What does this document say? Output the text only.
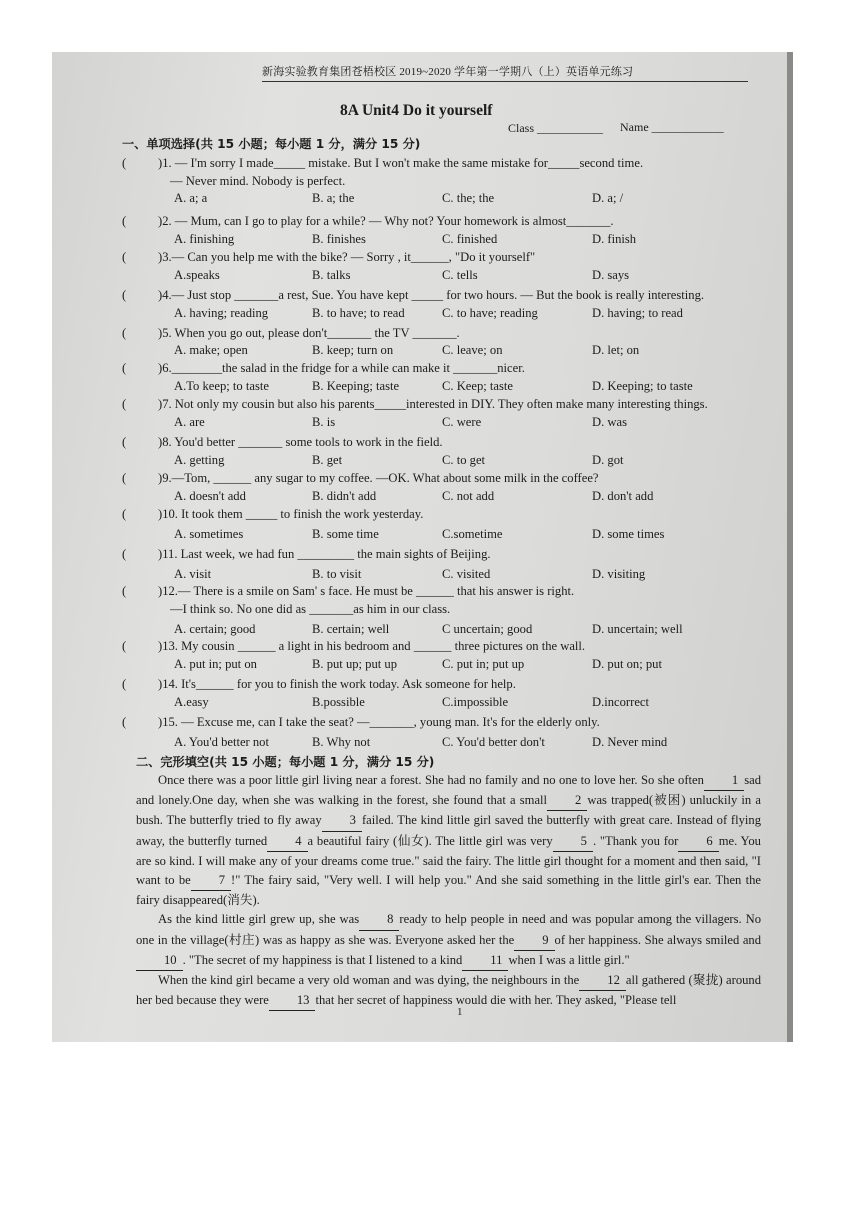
新海实验教育集团苍梧校区 2019~2020 学年第一学期八（上）英语单元练习
8A Unit4 Do it yourself
Class ___________ Name ____________
一、单项选择(共 15 小题；每小题 1 分，满分 15 分)
(	)1. — I'm sorry I made_____ mistake. But I won't make the same mistake for_____second time.
— Never mind. Nobody is perfect.
A. a; a	B. a; the	C. the; the	D. a; /
(	)2. — Mum, can I go to play for a while? — Why not? Your homework is almost_______.
A. finishing	B. finishes	C. finished	D. finish
(	)3.— Can you help me with the bike? — Sorry , it______, "Do it yourself"
A.speaks	B. talks	C. tells	D. says
(	)4.— Just stop _______a rest, Sue. You have kept _____ for two hours. — But the book is really interesting.
A. having; reading	B. to have; to read	C. to have; reading	D. having; to read
(	)5. When you go out, please don't_______ the TV _______.
A. make; open	B. keep; turn on	C. leave; on	D. let; on
(	)6.________the salad in the fridge for a while can make it _______nicer.
A.To keep; to taste	B. Keeping; taste	C. Keep; taste	D. Keeping; to taste
(	)7. Not only my cousin but also his parents_____interested in DIY. They often make many interesting things.
A. are	B. is	C. were	D. was
(	)8. You'd better _______ some tools to work in the field.
A. getting	B. get	C. to get	D. got
(	)9.—Tom, ______ any sugar to my coffee. —OK. What about some milk in the coffee?
A. doesn't add	B. didn't add	C. not add	D. don't add
(	)10. It took them _____ to finish the work yesterday.
A. sometimes	B. some time	C.sometime	D. some times
(	)11. Last week, we had fun _________ the main sights of Beijing.
A. visit	B. to visit	C. visited	D. visiting
(	)12.— There is a smile on Sam' s face. He must be ______ that his answer is right.
—I think so. No one did as _______as him in our class.
A. certain; good	B. certain; well	C uncertain; good	D. uncertain; well
(	)13. My cousin ______ a light in his bedroom and ______ three pictures on the wall.
A. put in; put on	B. put up; put up	C. put in; put up	D. put on; put
(	)14. It's______ for you to finish the work today. Ask someone for help.
A.easy	B.possible	C.impossible	D.incorrect
(	)15. — Excuse me, can I take the seat? —_______, young man. It's for the elderly only.
A. You'd better not	B. Why not	C. You'd better don't	D. Never mind
二、完形填空(共 15 小题；每小题 1 分，满分 15 分)

Once there was a poor little girl living near a forest. She had no family and no one to love her. So she often1sad and lonely.One day, when she was walking in the forest, she found that a small2was trapped(被困) unluckily in a bush. The butterfly tried to fly away3failed. The kind little girl saved the butterfly with great care. Instead of flying away, the butterfly turned4a beautiful fairy (仙女). The little girl was very5. "Thank you for6me. You are so kind. I will make any of your dreams come true." said the fairy. The little girl thought for a moment and then said, "I want to be7!" The fairy said, "Very well. I will help you." And she said something in the little girl's ear. Then the fairy disappeared(消失).

As the kind little girl grew up, she was8ready to help people in need and was popular among the villagers. No one in the village(村庄) was as happy as she was. Everyone asked her the9of her happiness. She always smiled and10. "The secret of my happiness is that I listened to a kind11when I was a little girl."

When the kind girl became a very old woman and was dying, the neighbours in the12all gathered (聚拢) around her bed because they were13that her secret of happiness would die with her. They asked, "Please tell

1
